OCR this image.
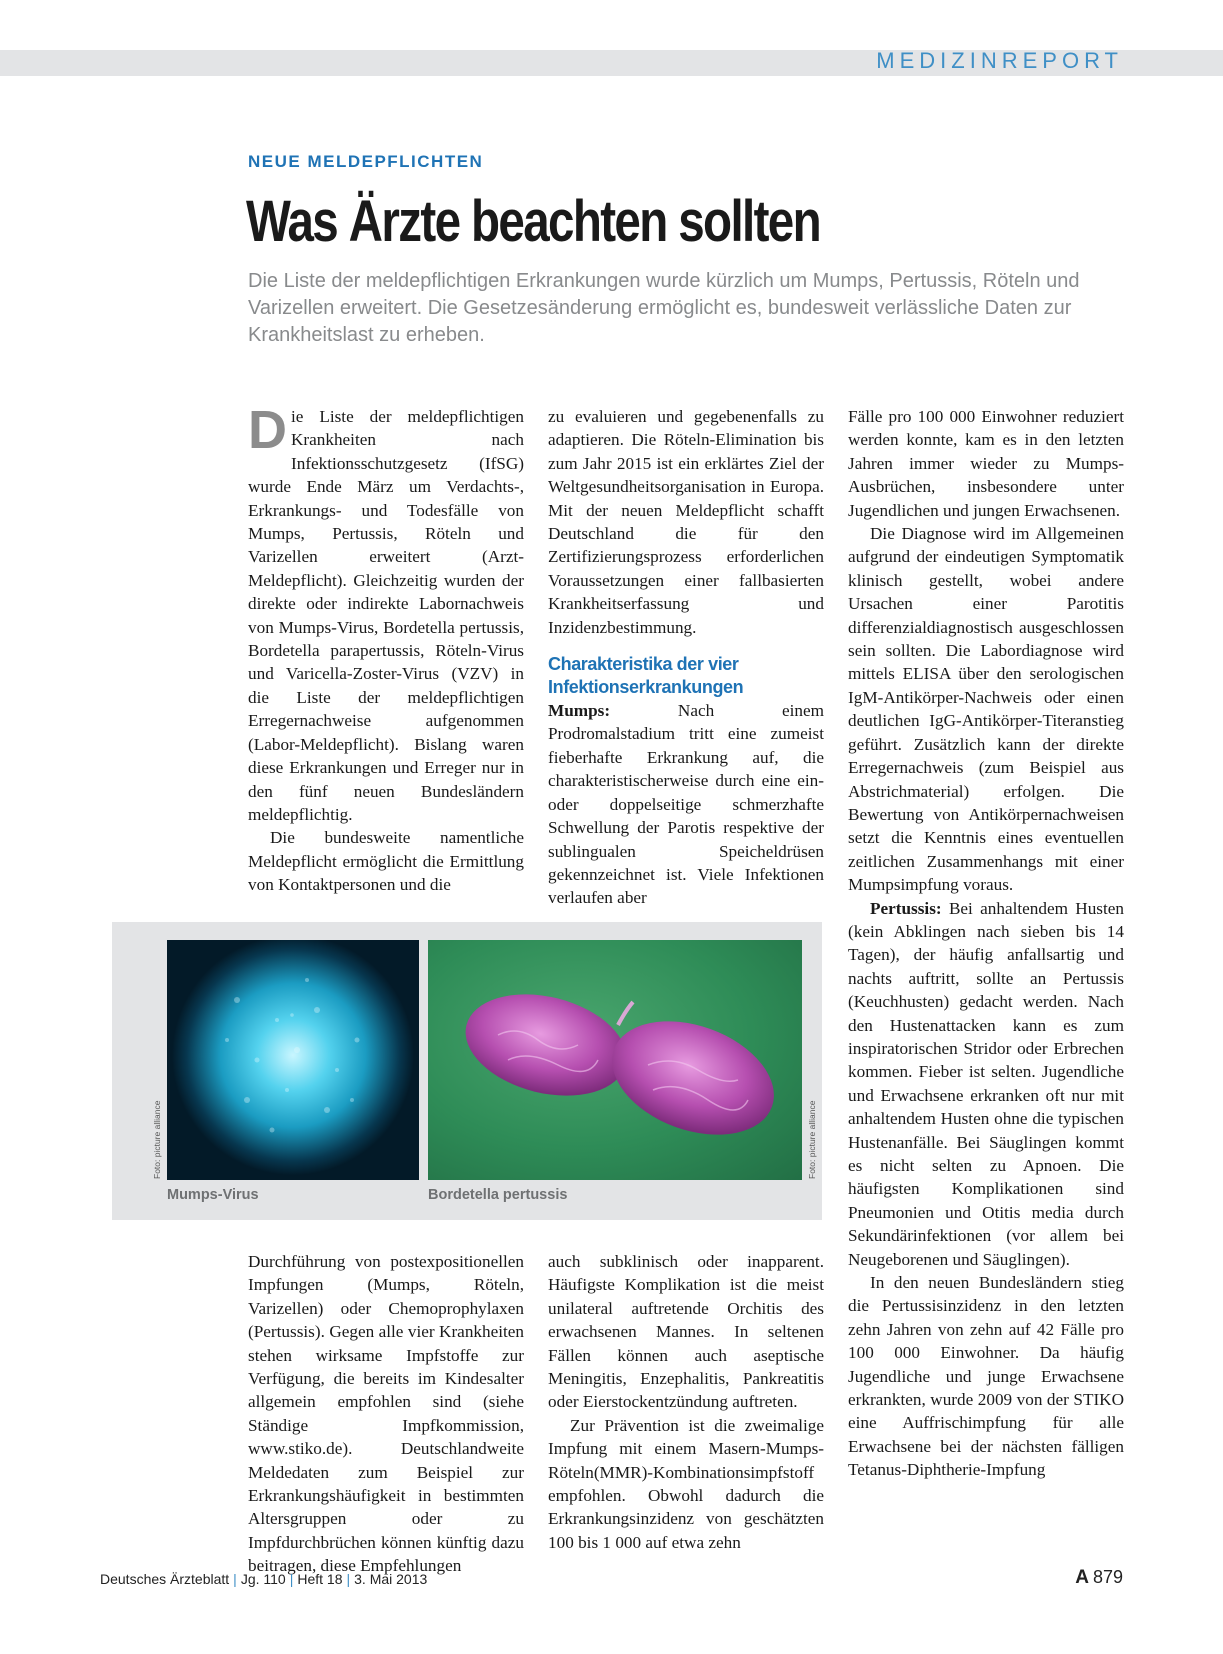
MEDIZINREPORT
NEUE MELDEPFLICHTEN
Was Ärzte beachten sollten

Die Liste der meldepflichtigen Erkrankungen wurde kürzlich um Mumps, Pertussis, Röteln und Varizellen erweitert. Die Gesetzesänderung ermöglicht es, bundesweit verlässliche Daten zur Krankheitslast zu erheben.

Die Liste der meldepflichtigen Krankheiten nach Infektionsschutzgesetz (IfSG) wurde Ende März um Verdachts-, Erkrankungs- und Todesfälle von Mumps, Pertussis, Röteln und Varizellen erweitert (Arzt-Meldepflicht). Gleichzeitig wurden der direkte oder indirekte Labornachweis von Mumps-Virus, Bordetella pertussis, Bordetella parapertussis, Röteln-Virus und Varicella-Zoster-Virus (VZV) in die Liste der meldepflichtigen Erregernachweise aufgenommen (Labor-Meldepflicht). Bislang waren diese Erkrankungen und Erreger nur in den fünf neuen Bundesländern meldepflichtig.

Die bundesweite namentliche Meldepflicht ermöglicht die Ermittlung von Kontaktpersonen und die

zu evaluieren und gegebenenfalls zu adaptieren. Die Röteln-Elimination bis zum Jahr 2015 ist ein erklärtes Ziel der Weltgesundheitsorganisation in Europa. Mit der neuen Meldepflicht schafft Deutschland die für den Zertifizierungsprozess erforderlichen Voraussetzungen einer fallbasierten Krankheitserfassung und Inzidenzbestimmung.

Charakteristika der vier Infektionserkrankungen

Mumps: Nach einem Prodromalstadium tritt eine zumeist fieberhafte Erkrankung auf, die charakteristischerweise durch eine ein- oder doppelseitige schmerzhafte Schwellung der Parotis respektive der sublingualen Speicheldrüsen gekennzeichnet ist. Viele Infektionen verlaufen aber

Fälle pro 100 000 Einwohner reduziert werden konnte, kam es in den letzten Jahren immer wieder zu Mumps-Ausbrüchen, insbesondere unter Jugendlichen und jungen Erwachsenen.

Die Diagnose wird im Allgemeinen aufgrund der eindeutigen Symptomatik klinisch gestellt, wobei andere Ursachen einer Parotitis differenzialdiagnostisch ausgeschlossen sein sollten. Die Labordiagnose wird mittels ELISA über den serologischen IgM-Antikörper-Nachweis oder einen deutlichen IgG-Antikörper-Titeranstieg geführt. Zusätzlich kann der direkte Erregernachweis (zum Beispiel aus Abstrichmaterial) erfolgen. Die Bewertung von Antikörpernachweisen setzt die Kenntnis eines eventuellen zeitlichen Zusammenhangs mit einer Mumpsimpfung voraus.

Pertussis: Bei anhaltendem Husten (kein Abklingen nach sieben bis 14 Tagen), der häufig anfallsartig und nachts auftritt, sollte an Pertussis (Keuchhusten) gedacht werden. Nach den Hustenattacken kann es zum inspiratorischen Stridor oder Erbrechen kommen. Fieber ist selten. Jugendliche und Erwachsene erkranken oft nur mit anhaltendem Husten ohne die typischen Hustenanfälle. Bei Säuglingen kommt es nicht selten zu Apnoen. Die häufigsten Komplikationen sind Pneumonien und Otitis media durch Sekundärinfektionen (vor allem bei Neugeborenen und Säuglingen).

In den neuen Bundesländern stieg die Pertussisinzidenz in den letzten zehn Jahren von zehn auf 42 Fälle pro 100 000 Einwohner. Da häufig Jugendliche und junge Erwachsene erkrankten, wurde 2009 von der STIKO eine Auffrischimpfung für alle Erwachsene bei der nächsten fälligen Tetanus-Diphtherie-Impfung

Foto: picture alliance	Foto: picture alliance
Mumps-Virus	Bordetella pertussis

Durchführung von postexpositionellen Impfungen (Mumps, Röteln, Varizellen) oder Chemoprophylaxen (Pertussis). Gegen alle vier Krankheiten stehen wirksame Impfstoffe zur Verfügung, die bereits im Kindesalter allgemein empfohlen sind (siehe Ständige Impfkommission, www.stiko.de). Deutschlandweite Meldedaten zum Beispiel zur Erkrankungshäufigkeit in bestimmten Altersgruppen oder zu Impfdurchbrüchen können künftig dazu beitragen, diese Empfehlungen

auch subklinisch oder inapparent. Häufigste Komplikation ist die meist unilateral auftretende Orchitis des erwachsenen Mannes. In seltenen Fällen können auch aseptische Meningitis, Enzephalitis, Pankreatitis oder Eierstockentzündung auftreten.

Zur Prävention ist die zweimalige Impfung mit einem Masern-Mumps-Röteln(MMR)-Kombinationsimpfstoff empfohlen. Obwohl dadurch die Erkrankungsinzidenz von geschätzten 100 bis 1 000 auf etwa zehn

Deutsches Ärzteblatt | Jg. 110 | Heft 18 | 3. Mai 2013	A 879
